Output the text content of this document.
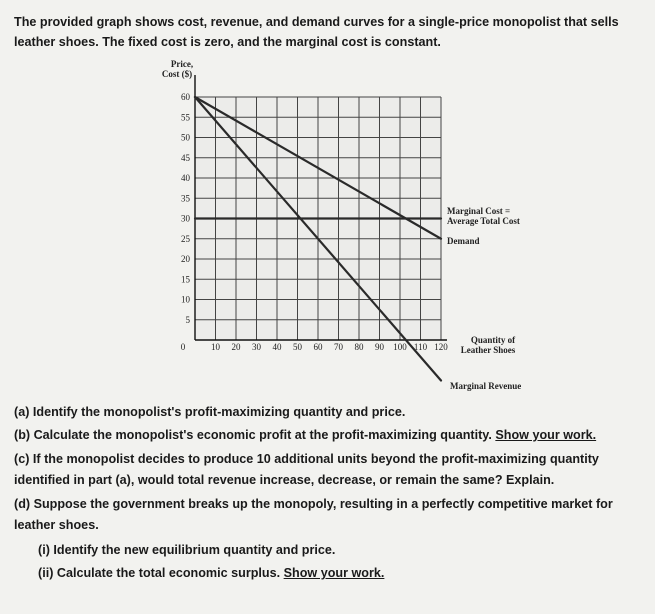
The provided graph shows cost, revenue, and demand curves for a single-price monopolist that sells

leather shoes. The fixed cost is zero, and the marginal cost is constant.

0	10 20 30 40 50 60 70 80 90 100 110 120
5
10
15
20
25
30
35
40
45
50
55
60
Price,
Cost ($)
Quantity of
Leather Shoes
Marginal Cost =
Average Total Cost
Demand
Marginal Revenue

(a) Identify the monopolist's profit-maximizing quantity and price.

(b) Calculate the monopolist's economic profit at the profit-maximizing quantity. Show your work.

(c) If the monopolist decides to produce 10 additional units beyond the profit-maximizing quantity

identified in part (a), would total revenue increase, decrease, or remain the same? Explain.

(d) Suppose the government breaks up the monopoly, resulting in a perfectly competitive market for

leather shoes.

(i) Identify the new equilibrium quantity and price.

(ii) Calculate the total economic surplus. Show your work.
